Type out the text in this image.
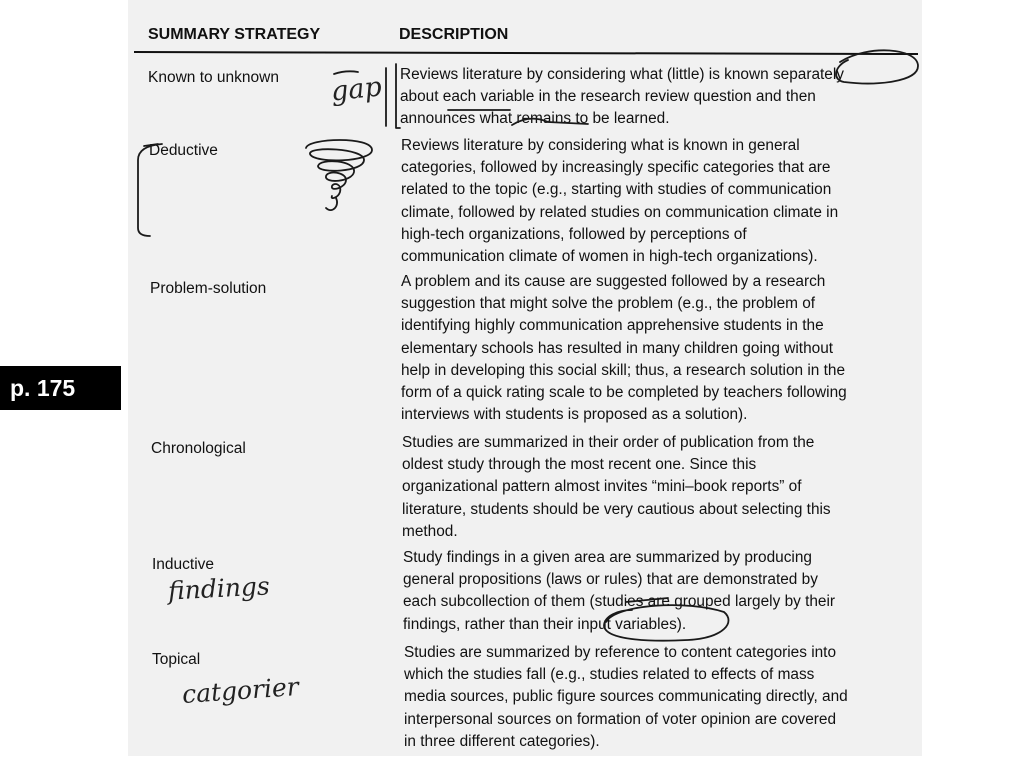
p. 175
SUMMARY STRATEGY	DESCRIPTION
Known to unknown	Reviews literature by considering what (little) is known separately
about each variable in the research review question and then
announces what remains to be learned.
Deductive	Reviews literature by considering what is known in general
categories, followed by increasingly specific categories that are
related to the topic (e.g., starting with studies of communication
climate, followed by related studies on communication climate in
high-tech organizations, followed by perceptions of
communication climate of women in high-tech organizations).
Problem-solution	A problem and its cause are suggested followed by a research
suggestion that might solve the problem (e.g., the problem of
identifying highly communication apprehensive students in the
elementary schools has resulted in many children going without
help in developing this social skill; thus, a research solution in the
form of a quick rating scale to be completed by teachers following
interviews with students is proposed as a solution).
Chronological	Studies are summarized in their order of publication from the
oldest study through the most recent one. Since this
organizational pattern almost invites “mini–book reports” of
literature, students should be very cautious about selecting this
method.
Inductive	Study findings in a given area are summarized by producing
general propositions (laws or rules) that are demonstrated by
each subcollection of them (studies are grouped largely by their
findings, rather than their input variables).
Topical	Studies are summarized by reference to content categories into
which the studies fall (e.g., studies related to effects of mass
media sources, public figure sources communicating directly, and
interpersonal sources on formation of voter opinion are covered
in three different categories).
gap
findings
catgorier
